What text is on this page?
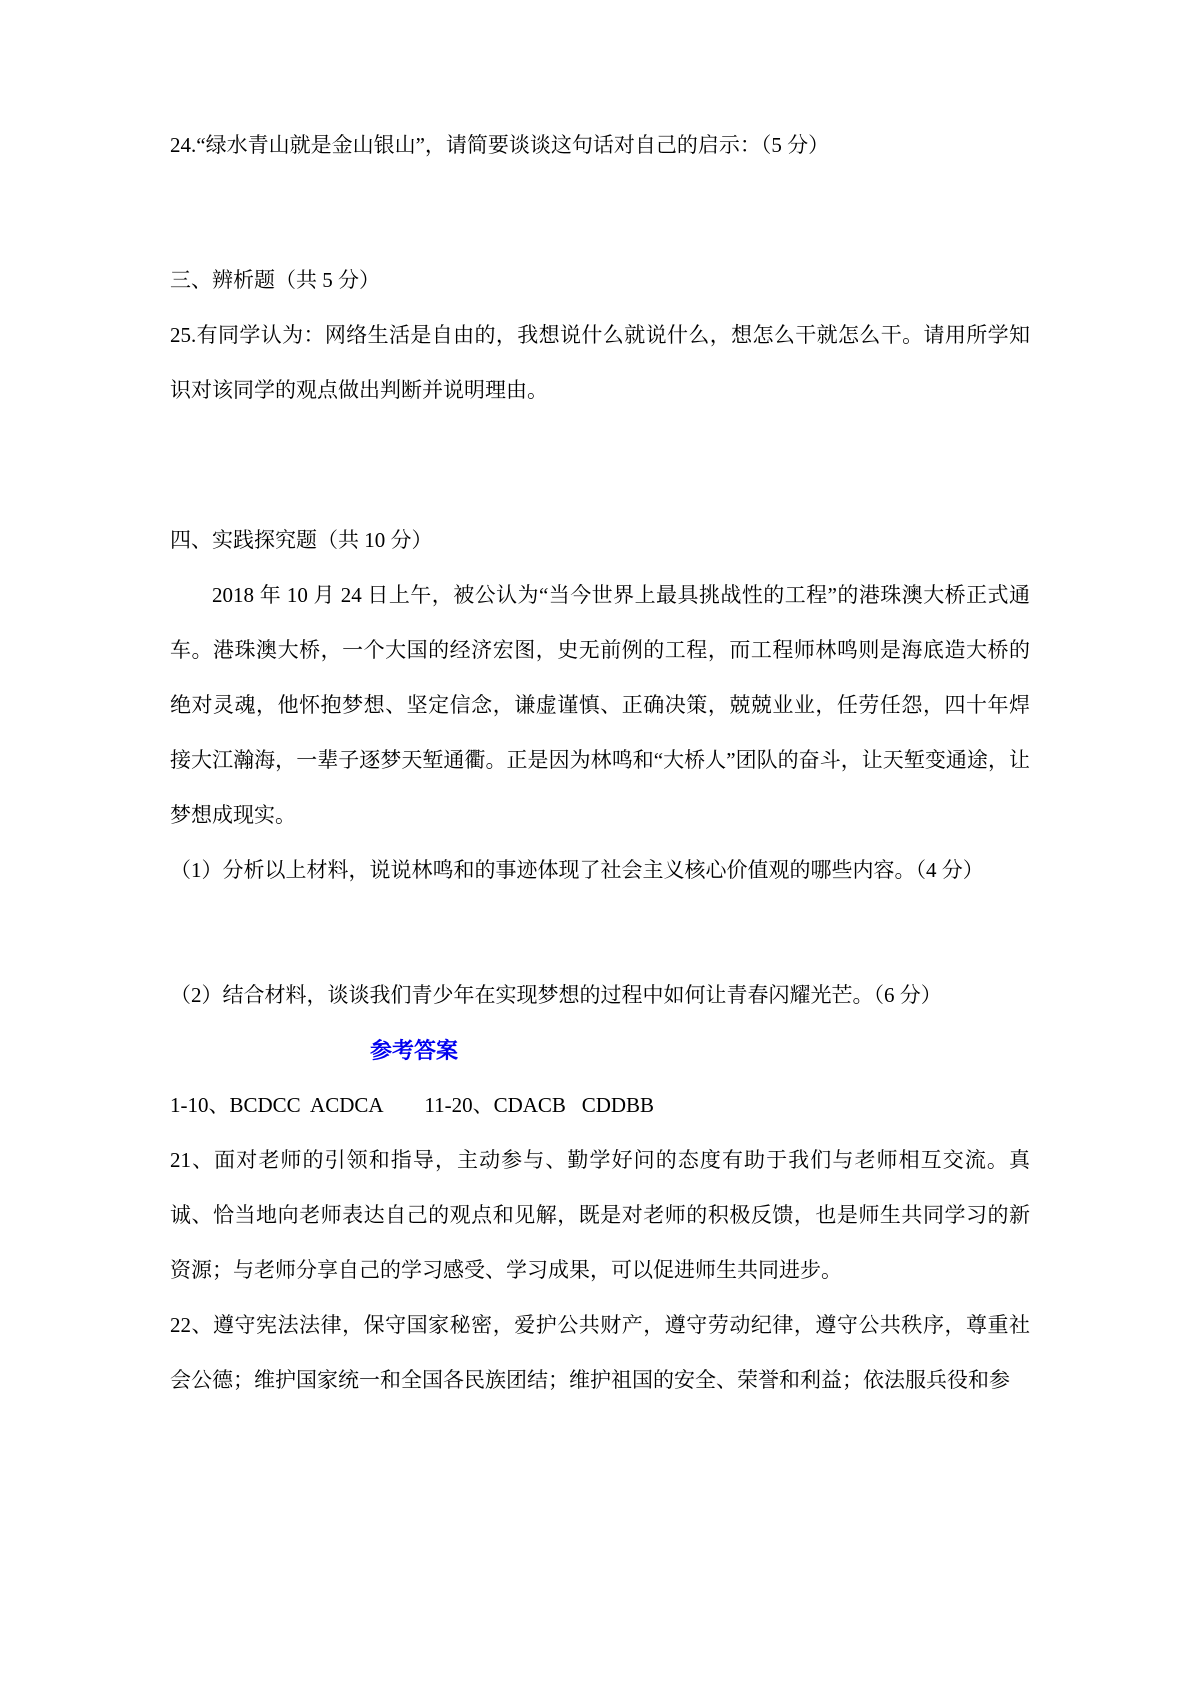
24.“绿水青山就是金山银山”，请简要谈谈这句话对自己的启示：（5 分）

三、辨析题（共 5 分）

25.有同学认为：网络生活是自由的，我想说什么就说什么，想怎么干就怎么干。请用所学知识对该同学的观点做出判断并说明理由。

四、实践探究题（共 10 分）

2018 年 10 月 24 日上午，被公认为“当今世界上最具挑战性的工程”的港珠澳大桥正式通车。港珠澳大桥，一个大国的经济宏图，史无前例的工程，而工程师林鸣则是海底造大桥的绝对灵魂，他怀抱梦想、坚定信念，谦虚谨慎、正确决策，兢兢业业，任劳任怨，四十年焊接大江瀚海，一辈子逐梦天堑通衢。正是因为林鸣和“大桥人”团队的奋斗，让天堑变通途，让梦想成现实。

（1）分析以上材料，说说林鸣和的事迹体现了社会主义核心价值观的哪些内容。（4 分）

（2）结合材料，谈谈我们青少年在实现梦想的过程中如何让青春闪耀光芒。（6 分）

参考答案

1-10、BCDCC  ACDCA        11-20、CDACB   CDDBB

21、面对老师的引领和指导，主动参与、勤学好问的态度有助于我们与老师相互交流。真诚、恰当地向老师表达自己的观点和见解，既是对老师的积极反馈，也是师生共同学习的新资源；与老师分享自己的学习感受、学习成果，可以促进师生共同进步。

22、遵守宪法法律，保守国家秘密，爱护公共财产，遵守劳动纪律，遵守公共秩序，尊重社会公德；维护国家统一和全国各民族团结；维护祖国的安全、荣誉和利益；依法服兵役和参
